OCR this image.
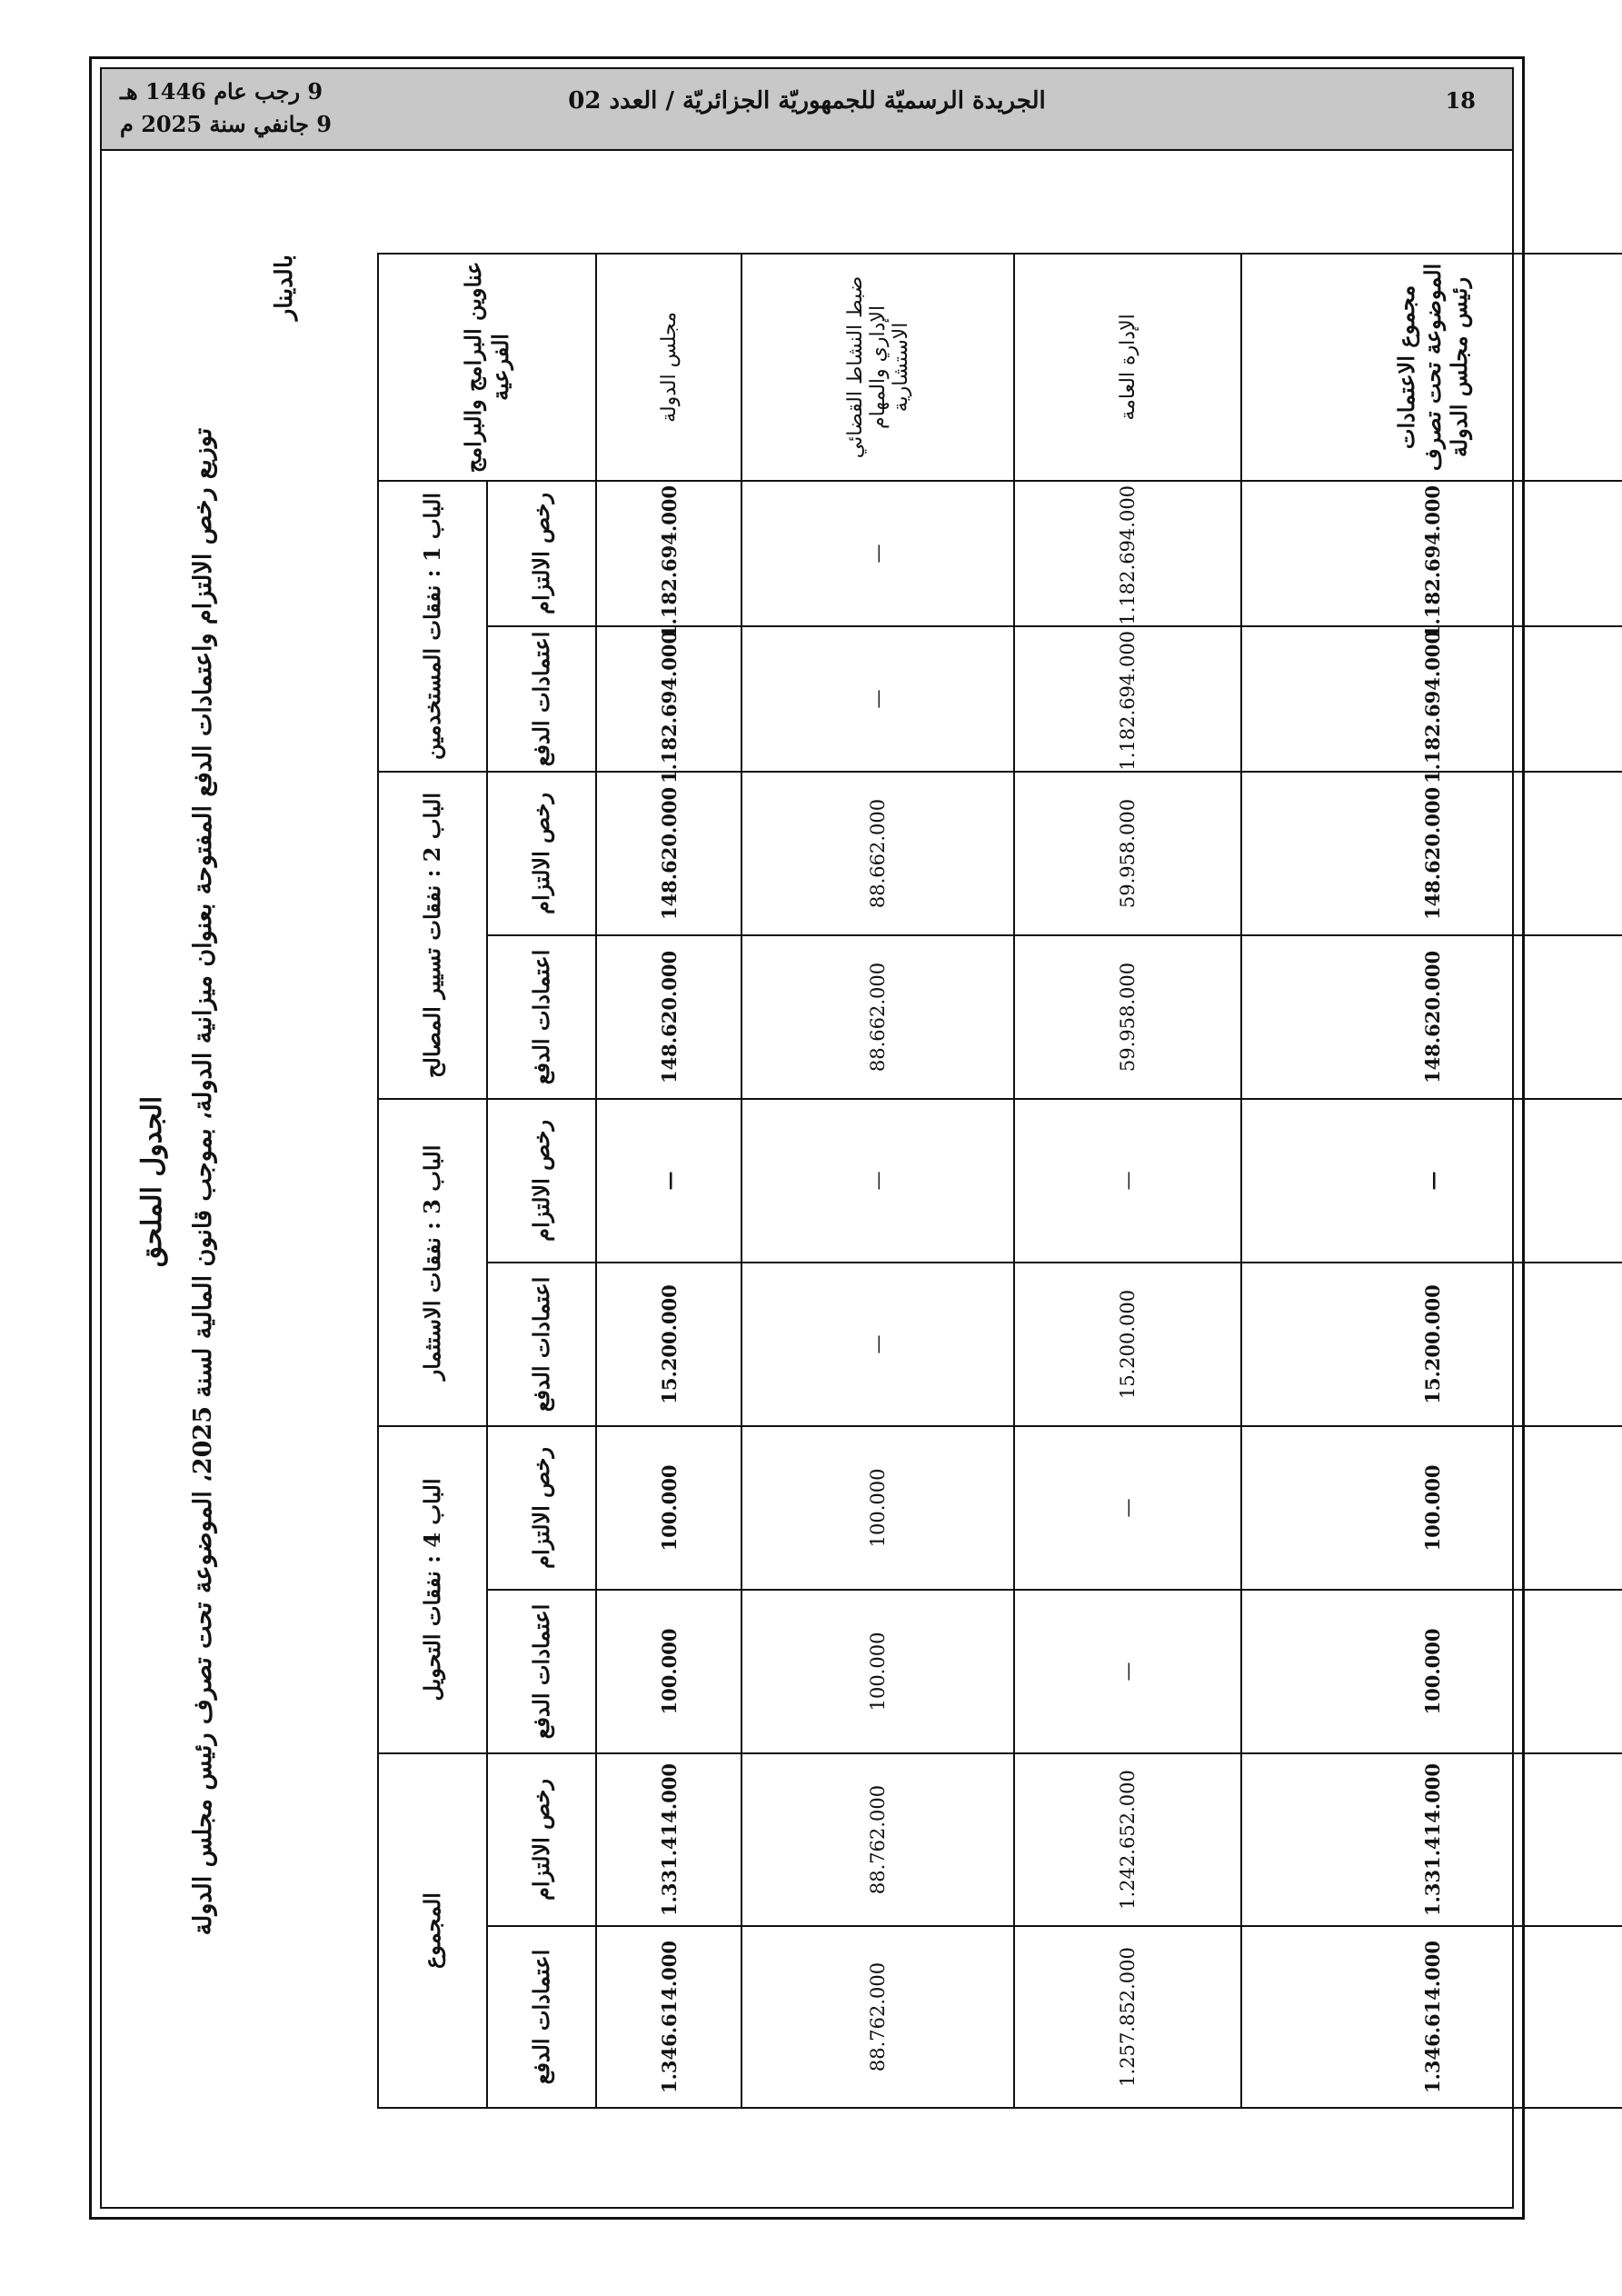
18
الجريدة الرسميّة للجمهوريّة الجزائريّة / العدد 02
9 رجب عام 1446 هـ
9 جانفي سنة 2025 م
الجدول الملحق
توزيع رخص الالتزام واعتمادات الدفع المفتوحة بعنوان ميزانية الدولة، بموجب قانون المالية لسنة 2025، الموضوعة تحت تصرف رئيس مجلس الدولة
بالدينار	عناوين البرامج والبرامج الفرعية	الباب 1 : نفقات المستخدمين		الباب 2 : نفقات تسيير المصالح		الباب 3 : نفقات الاستثمار		الباب 4 : نفقات التحويل		المجموع	
	رخص الالتزام	اعتمادات الدفع	رخص الالتزام	اعتمادات الدفع	رخص الالتزام	اعتمادات الدفع	رخص الالتزام	اعتمادات الدفع	رخص الالتزام	اعتمادات الدفع
مجلس الدولة	1.182.694.000	1.182.694.000	148.620.000	148.620.000	—	15.200.000	100.000	100.000	1.331.414.000	1.346.614.000
ضبط النشاط القضائي الإداري والمهام الاستشارية	—	—	88.662.000	88.662.000	—	—	100.000	100.000	88.762.000	88.762.000
الإدارة العامة	1.182.694.000	1.182.694.000	59.958.000	59.958.000	—	15.200.000	—	—	1.242.652.000	1.257.852.000
مجموع الاعتمادات الموضوعة تحت تصرف رئيس مجلس الدولة	1.182.694.000	1.182.694.000	148.620.000	148.620.000	—	15.200.000	100.000	100.000	1.331.414.000	1.346.614.000
